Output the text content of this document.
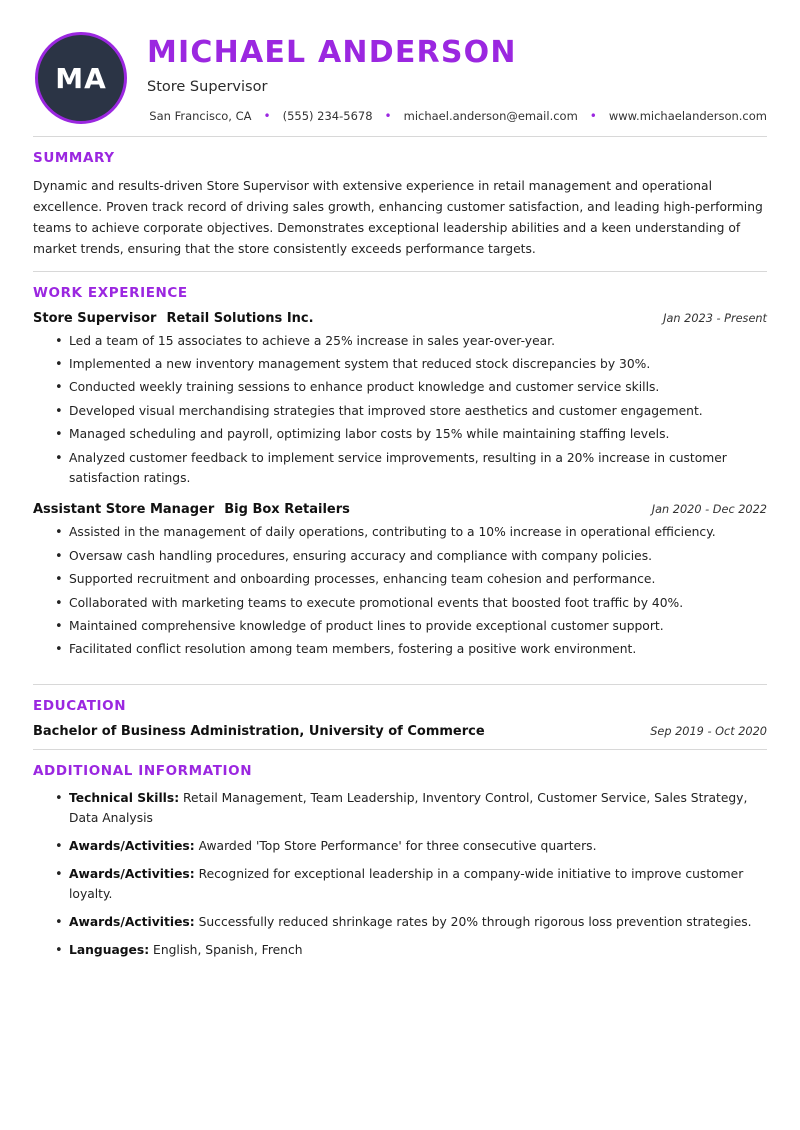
MA
MICHAEL ANDERSON
Store Supervisor
San Francisco, CA	•	(555) 234-5678	•	michael.anderson@email.com	•	www.michaelanderson.com
SUMMARY

Dynamic and results-driven Store Supervisor with extensive experience in retail management and operational excellence. Proven track record of driving sales growth, enhancing customer satisfaction, and leading high-performing teams to achieve corporate objectives. Demonstrates exceptional leadership abilities and a keen understanding of market trends, ensuring that the store consistently exceeds performance targets.

WORK EXPERIENCE
Store Supervisor Retail Solutions Inc.	Jan 2023 - Present
• Led a team of 15 associates to achieve a 25% increase in sales year-over-year.
• Implemented a new inventory management system that reduced stock discrepancies by 30%.
• Conducted weekly training sessions to enhance product knowledge and customer service skills.
• Developed visual merchandising strategies that improved store aesthetics and customer engagement.
• Managed scheduling and payroll, optimizing labor costs by 15% while maintaining staffing levels.
• Analyzed customer feedback to implement service improvements, resulting in a 20% increase in customer satisfaction ratings.
Assistant Store Manager Big Box Retailers	Jan 2020 - Dec 2022
• Assisted in the management of daily operations, contributing to a 10% increase in operational efficiency.
• Oversaw cash handling procedures, ensuring accuracy and compliance with company policies.
• Supported recruitment and onboarding processes, enhancing team cohesion and performance.
• Collaborated with marketing teams to execute promotional events that boosted foot traffic by 40%.
• Maintained comprehensive knowledge of product lines to provide exceptional customer support.
• Facilitated conflict resolution among team members, fostering a positive work environment.
EDUCATION
Bachelor of Business Administration, University of Commerce	Sep 2019 - Oct 2020
ADDITIONAL INFORMATION
• Technical Skills: Retail Management, Team Leadership, Inventory Control, Customer Service, Sales Strategy, Data Analysis
• Awards/Activities: Awarded 'Top Store Performance' for three consecutive quarters.
• Awards/Activities: Recognized for exceptional leadership in a company-wide initiative to improve customer loyalty.
• Awards/Activities: Successfully reduced shrinkage rates by 20% through rigorous loss prevention strategies.
• Languages: English, Spanish, French
